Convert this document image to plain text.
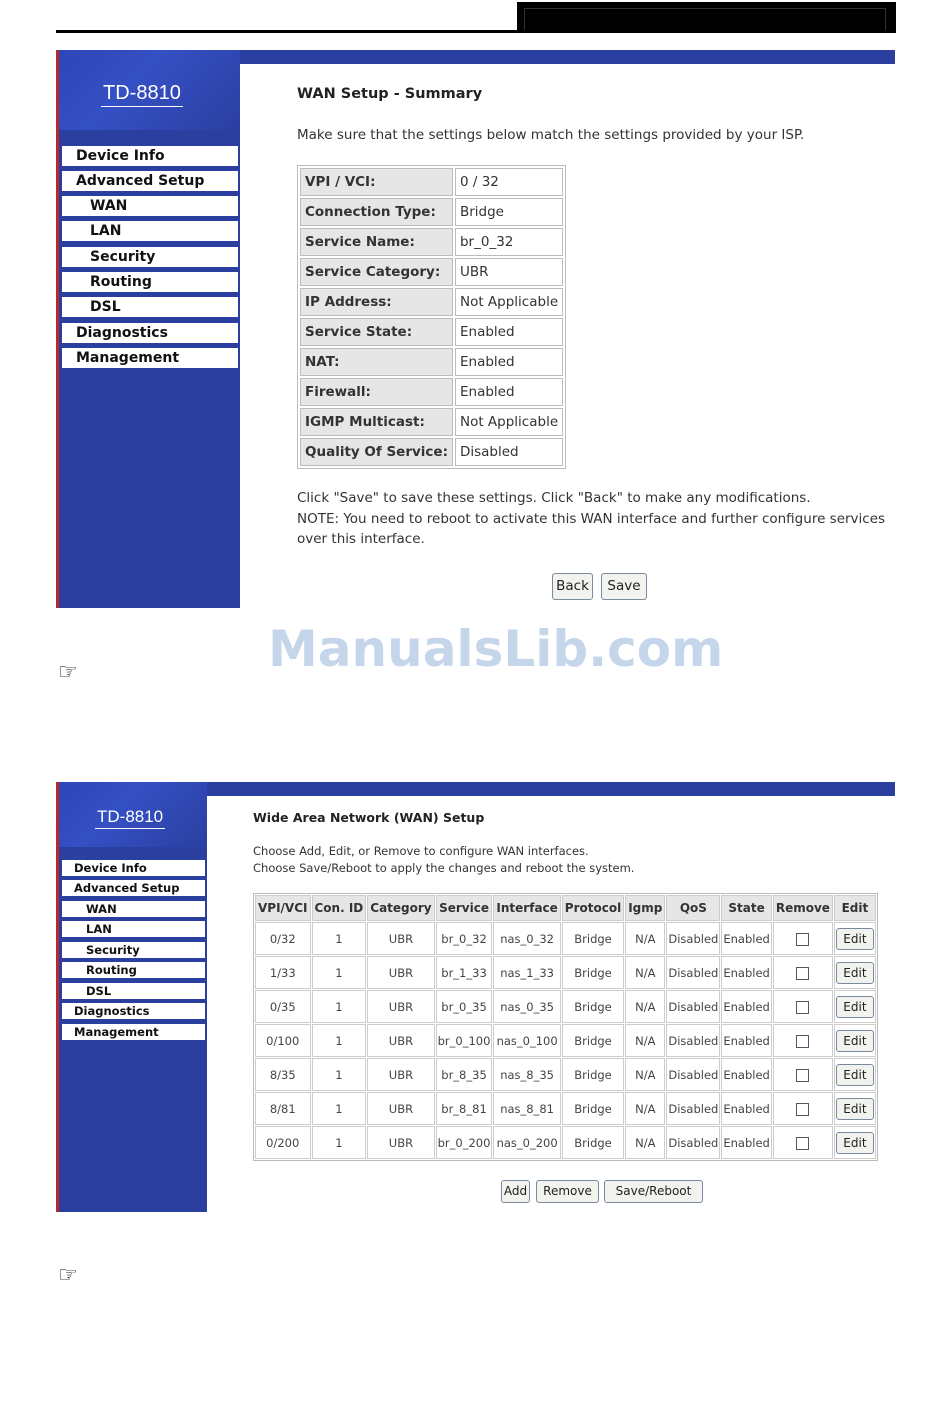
TD-8810
Device Info
Advanced Setup
WAN
LAN
Security
Routing
DSL
Diagnostics
Management
WAN Setup - Summary
Make sure that the settings below match the settings provided by your ISP.
VPI / VCI:	0 / 32
Connection Type:	Bridge
Service Name:	br_0_32
Service Category:	UBR
IP Address:	Not Applicable
Service State:	Enabled
NAT:	Enabled
Firewall:	Enabled
IGMP Multicast:	Not Applicable
Quality Of Service:	Disabled
Click "Save" to save these settings. Click "Back" to make any modifications.
NOTE: You need to reboot to activate this WAN interface and further configure services
over this interface.
Back	Save
ManualsLib.com
☞
TD-8810
Device Info
Advanced Setup
WAN
LAN
Security
Routing
DSL
Diagnostics
Management
Wide Area Network (WAN) Setup
Choose Add, Edit, or Remove to configure WAN interfaces.
Choose Save/Reboot to apply the changes and reboot the system.
VPI/VCI	Con. ID	Category	Service	Interface	Protocol	Igmp	QoS	State	Remove	Edit
0/32	1	UBR	br_0_32	nas_0_32	Bridge	N/A	Disabled	Enabled		Edit
1/33	1	UBR	br_1_33	nas_1_33	Bridge	N/A	Disabled	Enabled		Edit
0/35	1	UBR	br_0_35	nas_0_35	Bridge	N/A	Disabled	Enabled		Edit
0/100	1	UBR	br_0_100	nas_0_100	Bridge	N/A	Disabled	Enabled		Edit
8/35	1	UBR	br_8_35	nas_8_35	Bridge	N/A	Disabled	Enabled		Edit
8/81	1	UBR	br_8_81	nas_8_81	Bridge	N/A	Disabled	Enabled		Edit
0/200	1	UBR	br_0_200	nas_0_200	Bridge	N/A	Disabled	Enabled		Edit
Add	Remove	Save/Reboot
☞
